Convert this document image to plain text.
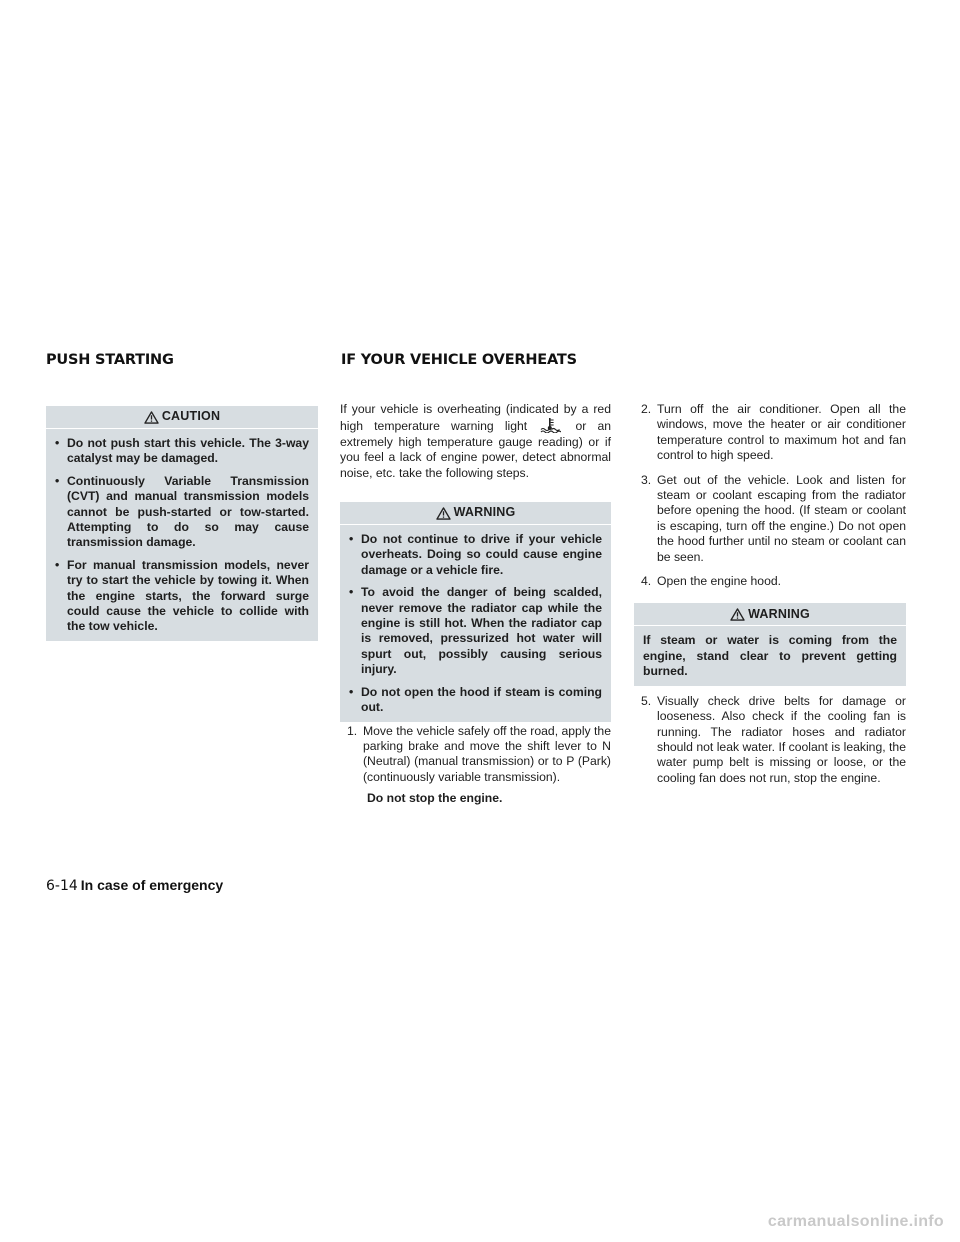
PUSH STARTING	IF YOUR VEHICLE OVERHEATS
CAUTION
• Do not push start this vehicle. The 3-way catalyst may be damaged.
• Continuously Variable Transmission (CVT) and manual transmission models cannot be push-started or tow-started. Attempting to do so may cause transmission damage.
• For manual transmission models, never try to start the vehicle by towing it. When the engine starts, the forward surge could cause the vehicle to collide with the tow vehicle.

If your vehicle is overheating (indicated by a red high temperature warning light	or an extremely high temperature gauge reading) or if you feel a lack of engine power, detect abnormal noise, etc. take the following steps.

WARNING
• Do not continue to drive if your vehicle overheats. Doing so could cause engine damage or a vehicle fire.
• To avoid the danger of being scalded, never remove the radiator cap while the engine is still hot. When the radiator cap is removed, pressurized hot water will spurt out, possibly causing serious injury.
• Do not open the hood if steam is coming out.
1. Move the vehicle safely off the road, apply the parking brake and move the shift lever to N (Neutral) (manual transmission) or to P (Park) (continuously variable transmission).

Do not stop the engine.

2. Turn off the air conditioner. Open all the windows, move the heater or air conditioner temperature control to maximum hot and fan control to high speed.
3. Get out of the vehicle. Look and listen for steam or coolant escaping from the radiator before opening the hood. (If steam or coolant is escaping, turn off the engine.) Do not open the hood further until no steam or coolant can be seen.
4. Open the engine hood.
WARNING

If steam or water is coming from the engine, stand clear to prevent getting burned.

5. Visually check drive belts for damage or looseness. Also check if the cooling fan is running. The radiator hoses and radiator should not leak water. If coolant is leaking, the water pump belt is missing or loose, or the cooling fan does not run, stop the engine.
6-14 In case of emergency
carmanualsonline.info
